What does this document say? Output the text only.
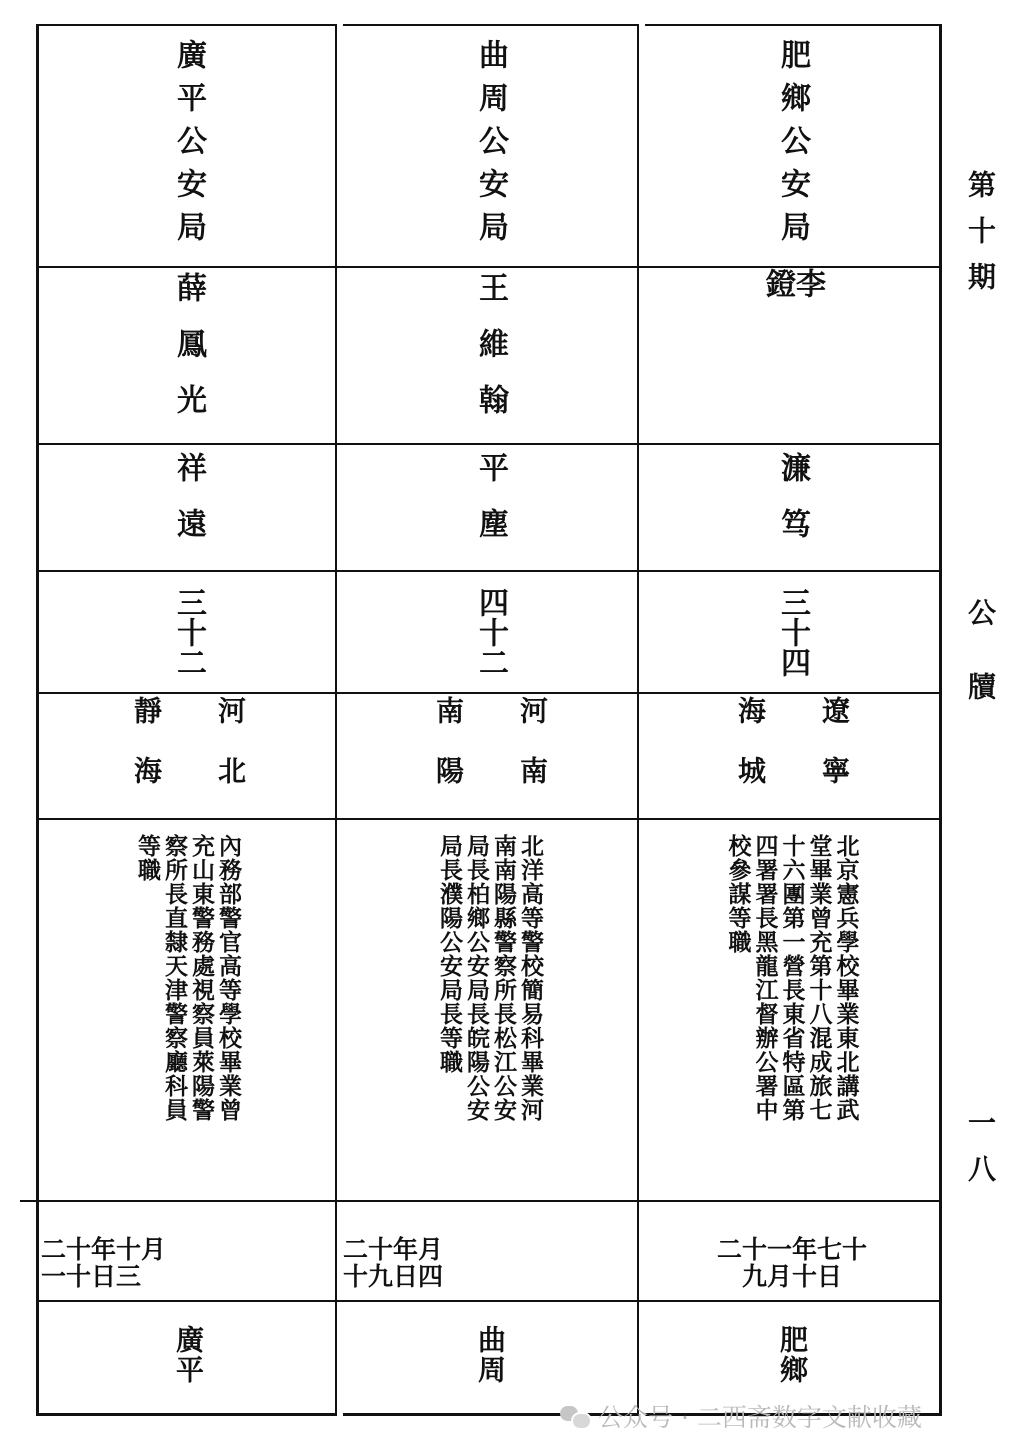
肥鄉公安局
李鐙
濂笃
三十四
遼寧
海城
北京憲兵學校畢業東北講武
堂畢業曾充第十八混成旅七
十六團第一營長東省特區第
四署署長黑龍江督辦公署中
校參謀等職
二十一年七十
九月十日
肥鄉
曲周公安局
王維翰
平塵
四十二
河南
南陽
北洋高等警校簡易科畢業河
南南陽縣警察所長松江公安
局長柏鄉公安局長皖陽公安
局長濮陽公安局長等職
二十年月
十九日四
曲周
廣平公安局
薛鳳光
祥遠
三十二
河北
靜海
內務部警官高等學校畢業曾
充山東警務處視察員萊陽警
察所長直隸天津警察廳科員
等職
二十年十月
一十日三
廣平
第十期
公牘
一八
公众号 · 二西斋数字文献收藏
